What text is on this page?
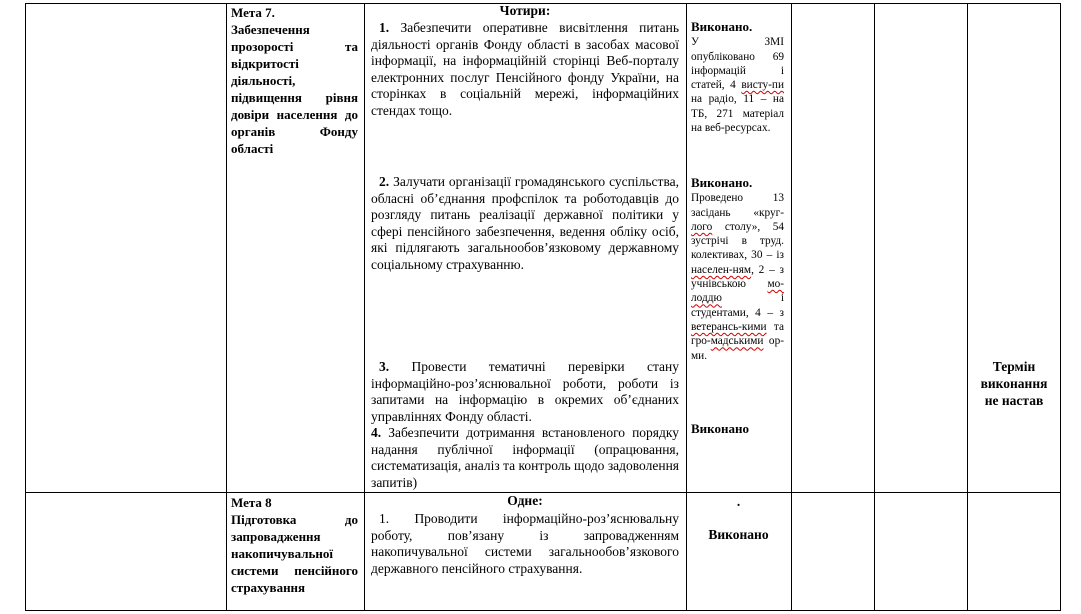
Мета 7.
Забезпечення прозорості та відкритості діяльності, підвищення рівня довіри населення до органів Фонду області
Чотири:
1. Забезпечити оперативне висвітлення питань діяльності органів Фонду області в засобах масової інформації, на інформаційній сторінці Веб-порталу електронних послуг Пенсійного фонду України, на сторінках в соціальній мережі, інформаційних стендах тощо.
2. Залучати організації громадянського суспільства, обласні об’єднання профспілок та роботодавців до розгляду питань реалізації державної політики у сфері пенсійного забезпечення, ведення обліку осіб, які підлягають загальнообов’язковому державному соціальному страхуванню.
3. Провести тематичні перевірки стану інформаційно-роз’яснювальної роботи, роботи із запитами на інформацію в окремих об’єднаних управліннях Фонду області.
4. Забезпечити дотримання встановленого порядку надання публічної інформації (опрацювання, систематизація, аналіз та контроль щодо задоволення запитів)
Виконано.
У ЗМІ опубліковано 69 інформацій і статей, 4 висту-пи на радіо, 11 – на ТБ, 271 матеріал на веб-ресурсах.
Виконано.
Проведено 13 засідань «круг-лого столу», 54 зустрічі в труд. колективах, 30 – із населен-ням, 2 – з учнівською мо-лоддю і студентами, 4 – з ветерансь-кими та гро-мадськими ор-ми.
Виконано
Термін виконання не настав
Мета 8
Підготовка до запровадження накопичувальної системи пенсійного страхування
Одне:
1. Проводити інформаційно-роз’яснювальну роботу, пов’язану із запровадженням накопичувальної системи загальнообов’язкового державного пенсійного страхування.
.
Виконано
